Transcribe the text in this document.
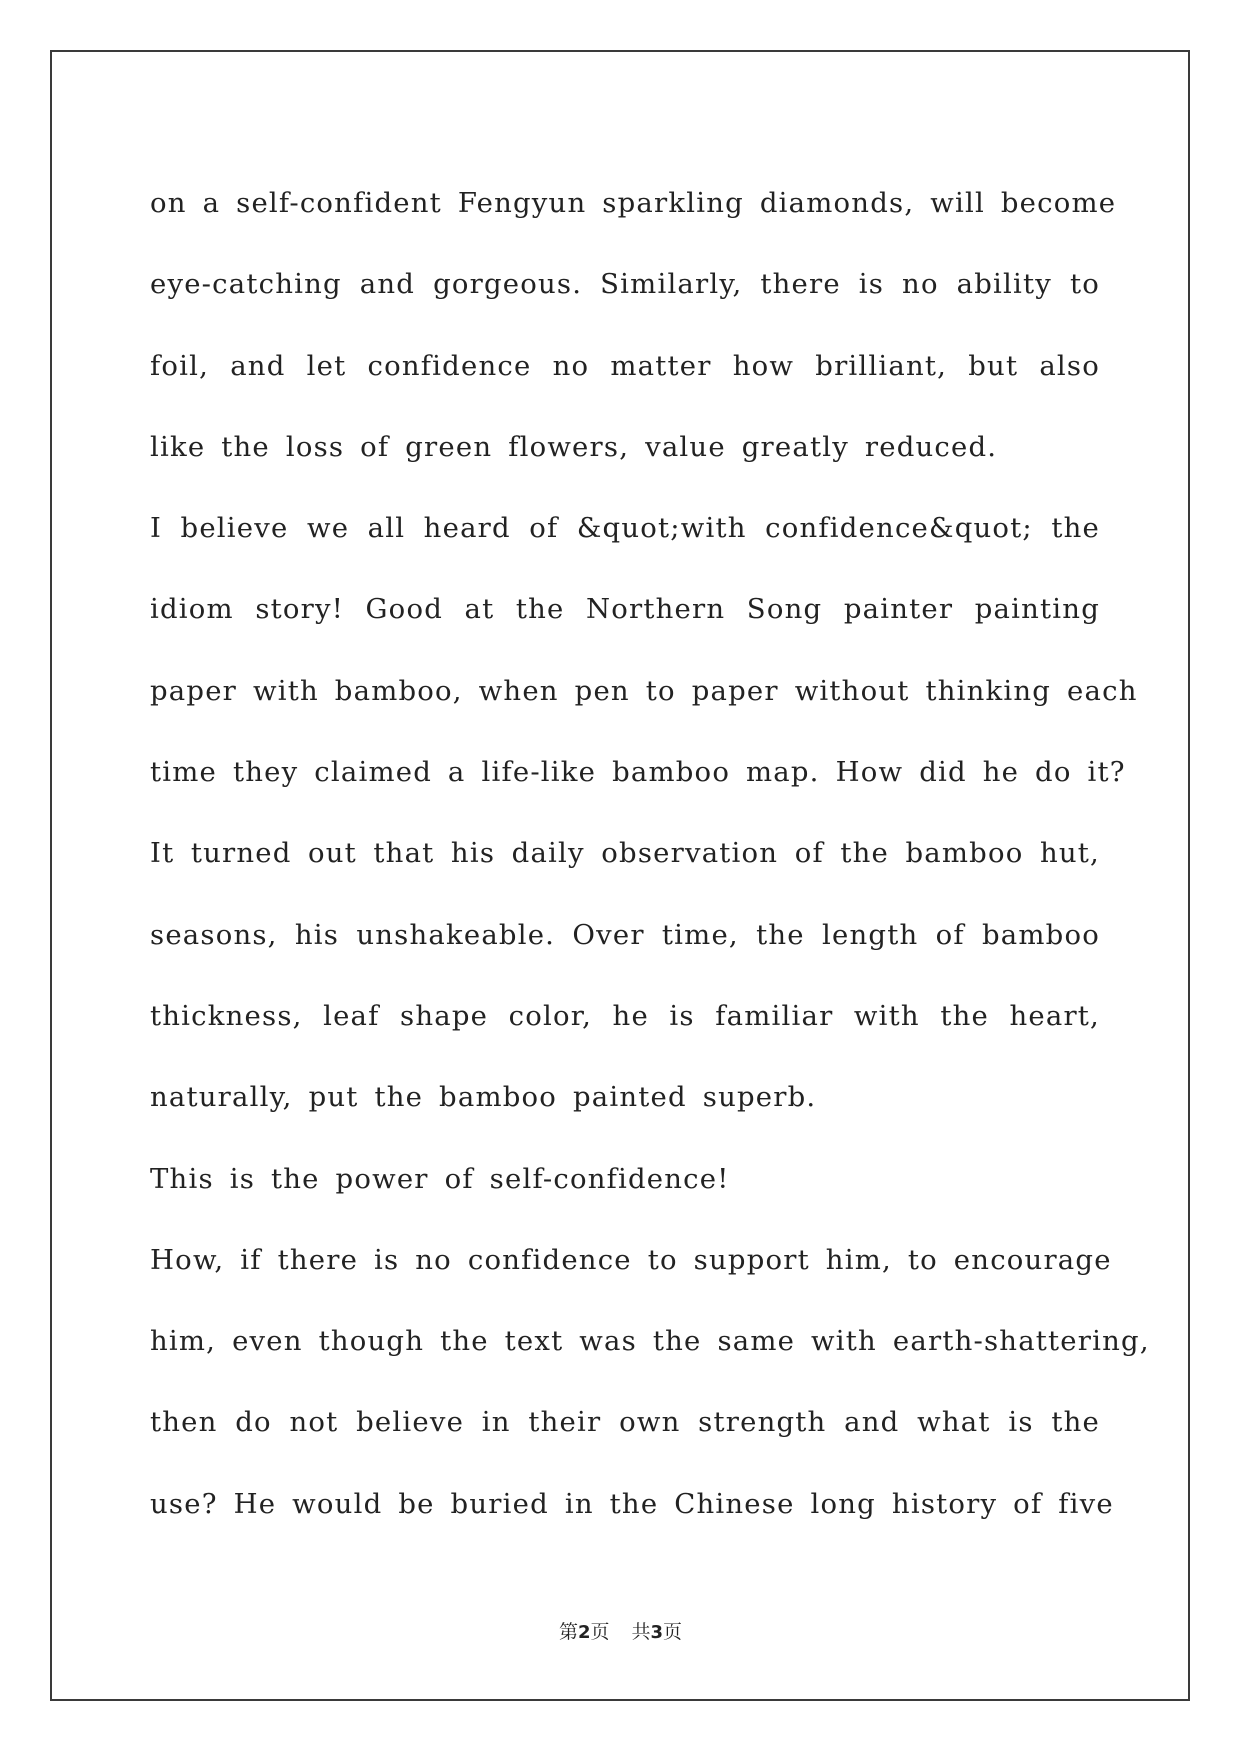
on a self-confident Fengyun sparkling diamonds, will become
eye-catching and gorgeous. Similarly, there is no ability to
foil, and let confidence no matter how brilliant, but also
like the loss of green flowers, value greatly reduced.
I believe we all heard of &quot;with confidence&quot; the
idiom story! Good at the Northern Song painter painting
paper with bamboo, when pen to paper without thinking each
time they claimed a life-like bamboo map. How did he do it?
It turned out that his daily observation of the bamboo hut,
seasons, his unshakeable. Over time, the length of bamboo
thickness, leaf shape color, he is familiar with the heart,
naturally, put the bamboo painted superb.
This is the power of self-confidence!
How, if there is no confidence to support him, to encourage
him, even though the text was the same with earth-shattering,
then do not believe in their own strength and what is the
use? He would be buried in the Chinese long history of five
第2页 共3页
